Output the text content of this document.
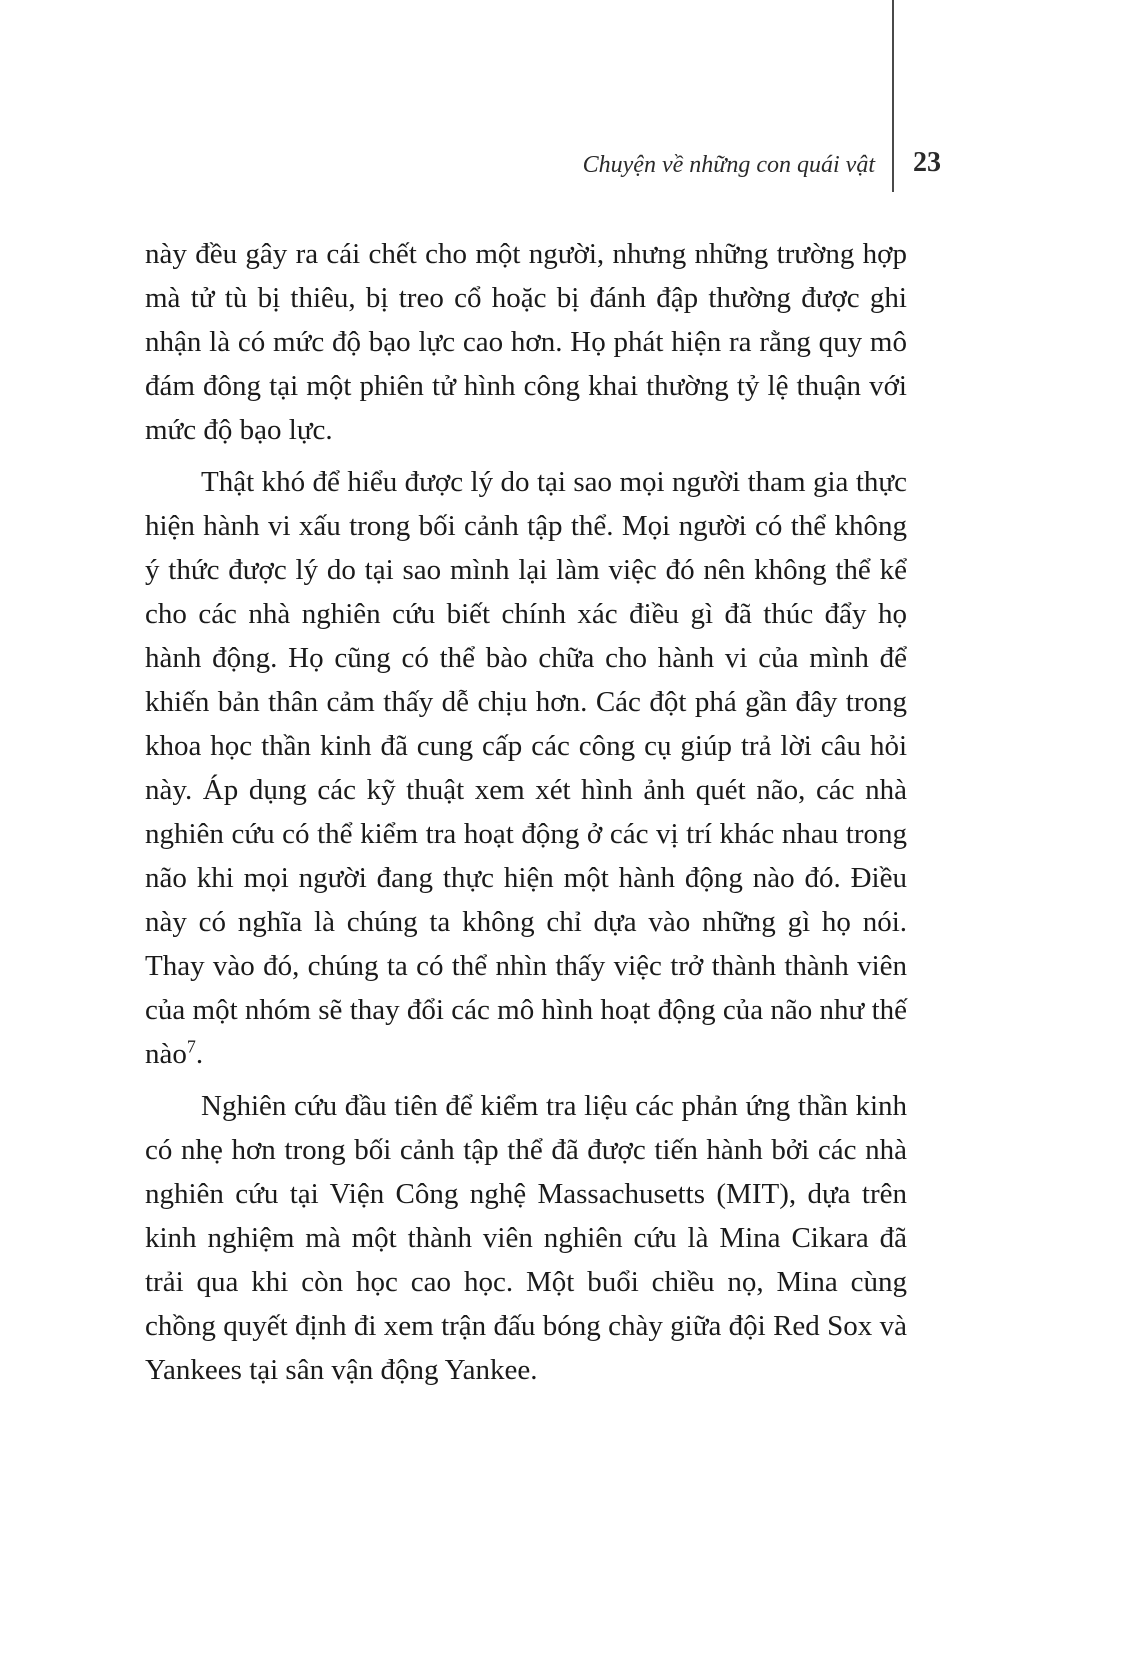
Chuyện về những con quái vật 23

này đều gây ra cái chết cho một người, nhưng những trường hợp mà tử tù bị thiêu, bị treo cổ hoặc bị đánh đập thường được ghi nhận là có mức độ bạo lực cao hơn. Họ phát hiện ra rằng quy mô đám đông tại một phiên tử hình công khai thường tỷ lệ thuận với mức độ bạo lực.

Thật khó để hiểu được lý do tại sao mọi người tham gia thực hiện hành vi xấu trong bối cảnh tập thể. Mọi người có thể không ý thức được lý do tại sao mình lại làm việc đó nên không thể kể cho các nhà nghiên cứu biết chính xác điều gì đã thúc đẩy họ hành động. Họ cũng có thể bào chữa cho hành vi của mình để khiến bản thân cảm thấy dễ chịu hơn. Các đột phá gần đây trong khoa học thần kinh đã cung cấp các công cụ giúp trả lời câu hỏi này. Áp dụng các kỹ thuật xem xét hình ảnh quét não, các nhà nghiên cứu có thể kiểm tra hoạt động ở các vị trí khác nhau trong não khi mọi người đang thực hiện một hành động nào đó. Điều này có nghĩa là chúng ta không chỉ dựa vào những gì họ nói. Thay vào đó, chúng ta có thể nhìn thấy việc trở thành thành viên của một nhóm sẽ thay đổi các mô hình hoạt động của não như thế nào$^7$.

Nghiên cứu đầu tiên để kiểm tra liệu các phản ứng thần kinh có nhẹ hơn trong bối cảnh tập thể đã được tiến hành bởi các nhà nghiên cứu tại Viện Công nghệ Massachusetts (MIT), dựa trên kinh nghiệm mà một thành viên nghiên cứu là Mina Cikara đã trải qua khi còn học cao học. Một buổi chiều nọ, Mina cùng chồng quyết định đi xem trận đấu bóng chày giữa đội Red Sox và Yankees tại sân vận động Yankee.
